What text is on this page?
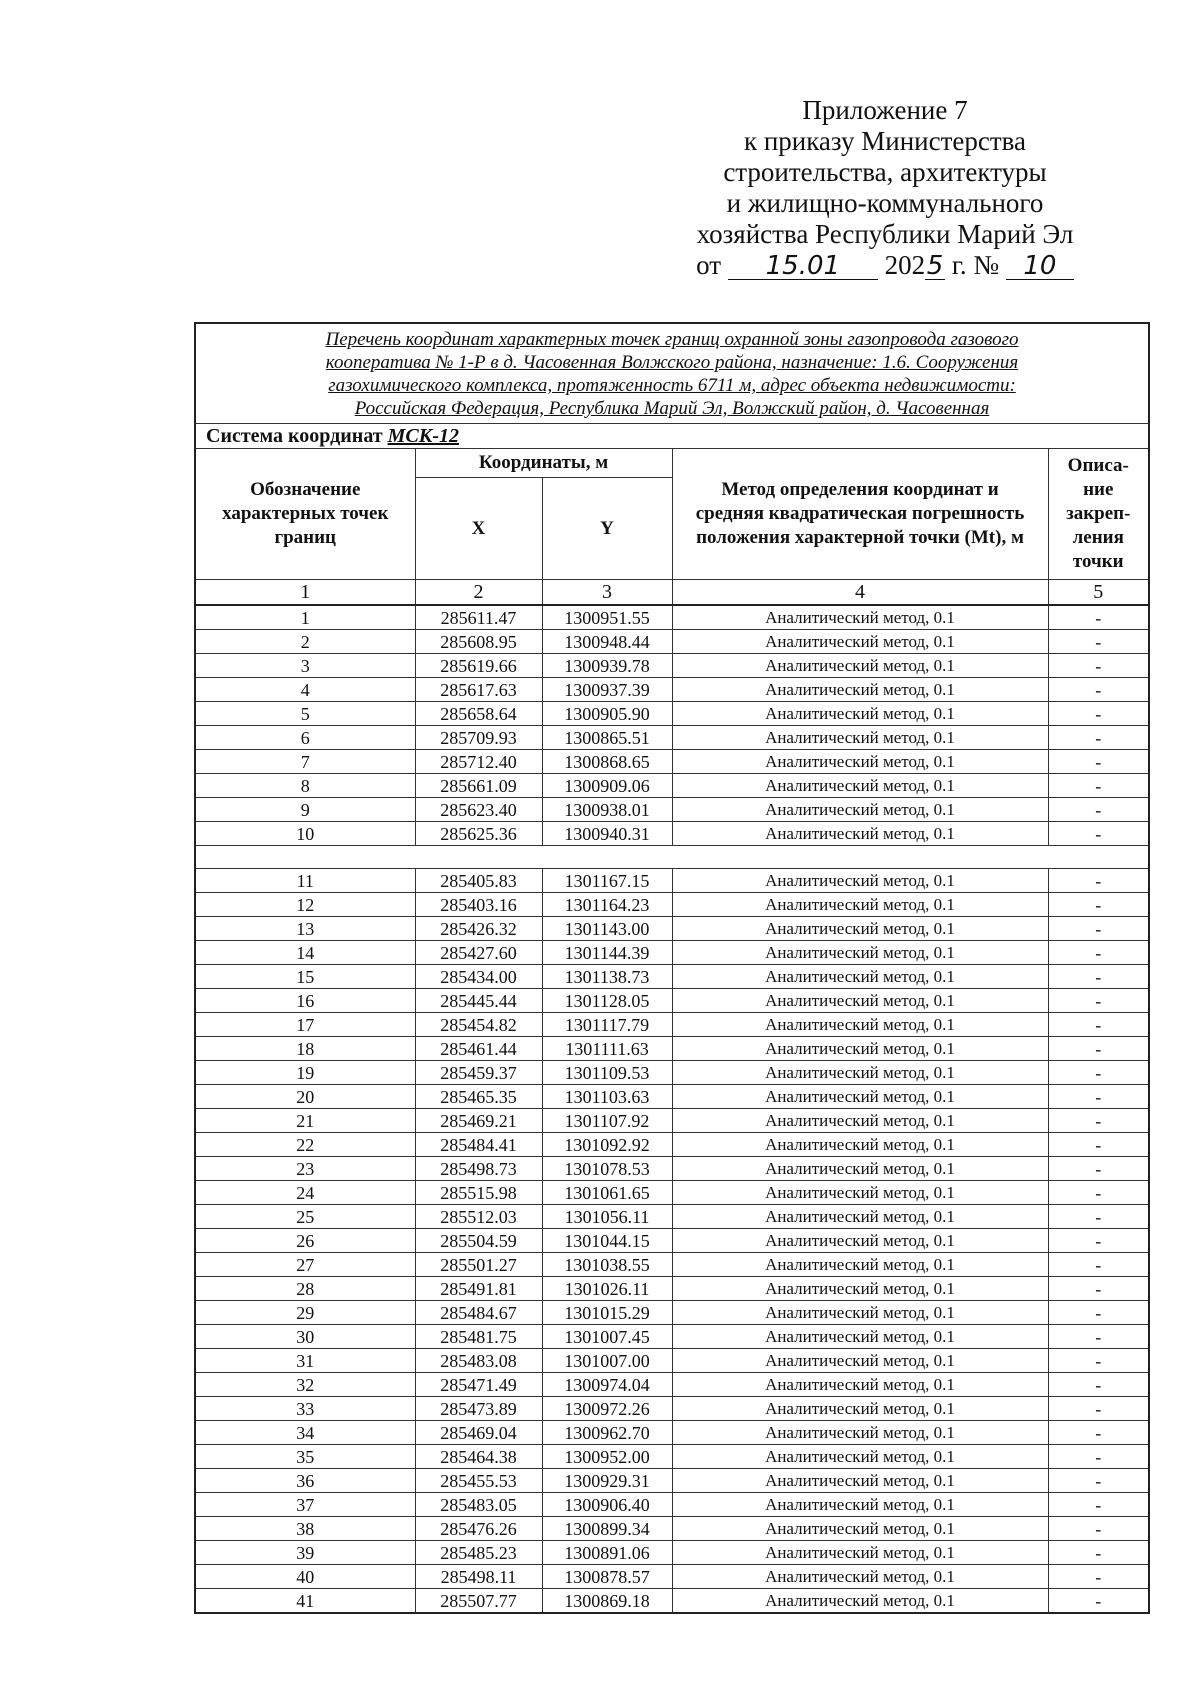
Приложение 7
к приказу Министерства
строительства, архитектуры
и жилищно-коммунального
хозяйства Республики Марий Эл
от 15.01 2025 г. № 10
Перечень координат характерных точек границ охранной зоны газопровода газового
кооператива № 1-Р в д. Часовенная Волжского района, назначение: 1.6. Сооружения
газохимического комплекса, протяженность 6711 м, адрес объекта недвижимости:
Российская Федерация, Республика Марий Эл, Волжский район, д. Часовенная				

Система координат МСК-12				
Обозначение характерных точек границ	Координаты, м		Метод определения координат и средняя квадратическая погрешность положения характерной точки (Mt), м	Описа-ние закреп-ления точки
	X	Y		
1	2	3	4	5
1	285611.47	1300951.55	Аналитический метод, 0.1	-
2	285608.95	1300948.44	Аналитический метод, 0.1	-
3	285619.66	1300939.78	Аналитический метод, 0.1	-
4	285617.63	1300937.39	Аналитический метод, 0.1	-
5	285658.64	1300905.90	Аналитический метод, 0.1	-
6	285709.93	1300865.51	Аналитический метод, 0.1	-
7	285712.40	1300868.65	Аналитический метод, 0.1	-
8	285661.09	1300909.06	Аналитический метод, 0.1	-
9	285623.40	1300938.01	Аналитический метод, 0.1	-
10	285625.36	1300940.31	Аналитический метод, 0.1	-

11	285405.83	1301167.15	Аналитический метод, 0.1	-
12	285403.16	1301164.23	Аналитический метод, 0.1	-
13	285426.32	1301143.00	Аналитический метод, 0.1	-
14	285427.60	1301144.39	Аналитический метод, 0.1	-
15	285434.00	1301138.73	Аналитический метод, 0.1	-
16	285445.44	1301128.05	Аналитический метод, 0.1	-
17	285454.82	1301117.79	Аналитический метод, 0.1	-
18	285461.44	1301111.63	Аналитический метод, 0.1	-
19	285459.37	1301109.53	Аналитический метод, 0.1	-
20	285465.35	1301103.63	Аналитический метод, 0.1	-
21	285469.21	1301107.92	Аналитический метод, 0.1	-
22	285484.41	1301092.92	Аналитический метод, 0.1	-
23	285498.73	1301078.53	Аналитический метод, 0.1	-
24	285515.98	1301061.65	Аналитический метод, 0.1	-
25	285512.03	1301056.11	Аналитический метод, 0.1	-
26	285504.59	1301044.15	Аналитический метод, 0.1	-
27	285501.27	1301038.55	Аналитический метод, 0.1	-
28	285491.81	1301026.11	Аналитический метод, 0.1	-
29	285484.67	1301015.29	Аналитический метод, 0.1	-
30	285481.75	1301007.45	Аналитический метод, 0.1	-
31	285483.08	1301007.00	Аналитический метод, 0.1	-
32	285471.49	1300974.04	Аналитический метод, 0.1	-
33	285473.89	1300972.26	Аналитический метод, 0.1	-
34	285469.04	1300962.70	Аналитический метод, 0.1	-
35	285464.38	1300952.00	Аналитический метод, 0.1	-
36	285455.53	1300929.31	Аналитический метод, 0.1	-
37	285483.05	1300906.40	Аналитический метод, 0.1	-
38	285476.26	1300899.34	Аналитический метод, 0.1	-
39	285485.23	1300891.06	Аналитический метод, 0.1	-
40	285498.11	1300878.57	Аналитический метод, 0.1	-
41	285507.77	1300869.18	Аналитический метод, 0.1	-
